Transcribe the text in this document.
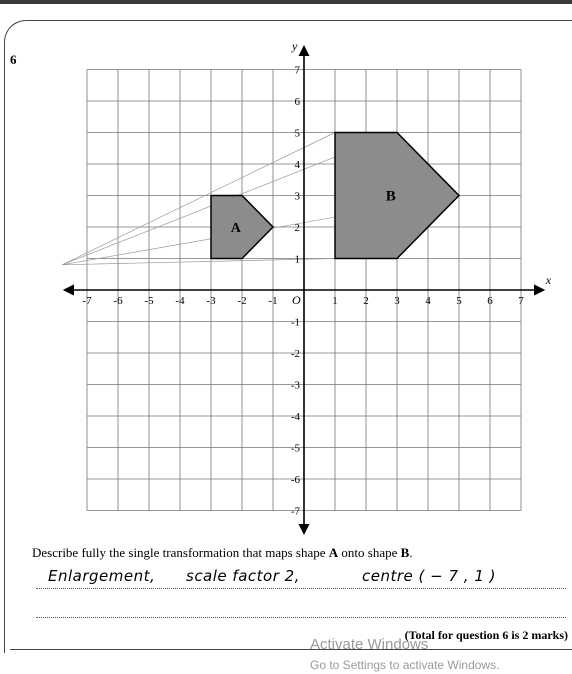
6
-7 -6 -5 -4 -3 -2 -1	1 2 3 4 5 6 7
7
6
5
4
3
2
1
-1
-2
-3
-4
-5
-6
-7
x
y
O
A
B
Describe fully the single transformation that maps shape A onto shape B.
Enlargement, scale factor 2,	centre ( − 7 , 1 )
(Total for question 6 is 2 marks)
Activate Windows
Go to Settings to activate Windows.
